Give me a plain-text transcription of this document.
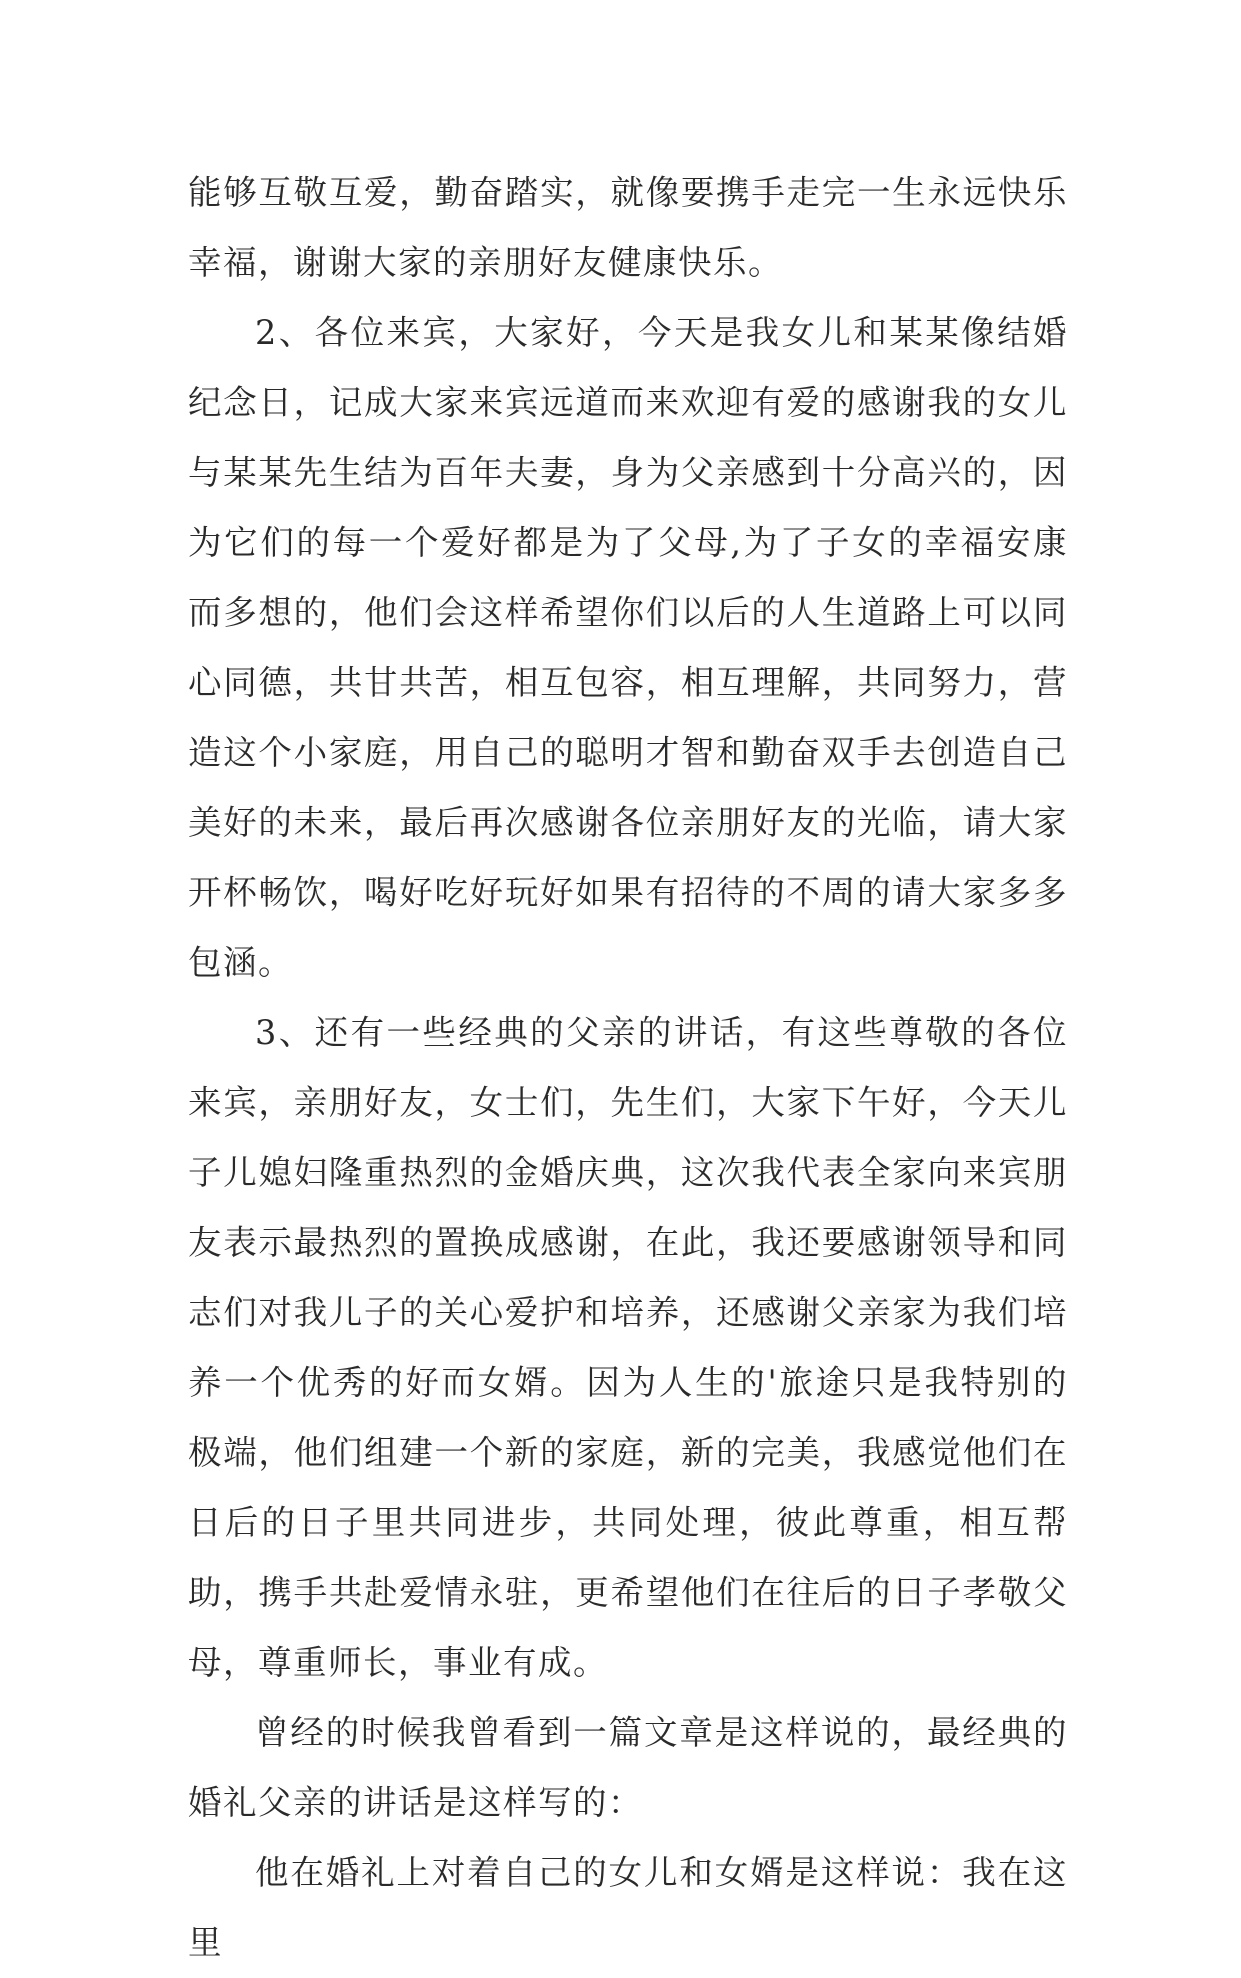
能够互敬互爱，勤奋踏实，就像要携手走完一生永远快乐幸福，谢谢大家的亲朋好友健康快乐。

2、各位来宾，大家好，今天是我女儿和某某像结婚纪念日，记成大家来宾远道而来欢迎有爱的感谢我的女儿与某某先生结为百年夫妻，身为父亲感到十分高兴的，因为它们的每一个爱好都是为了父母,为了子女的幸福安康而多想的，他们会这样希望你们以后的人生道路上可以同心同德，共甘共苦，相互包容，相互理解，共同努力，营造这个小家庭，用自己的聪明才智和勤奋双手去创造自己美好的未来，最后再次感谢各位亲朋好友的光临，请大家开杯畅饮，喝好吃好玩好如果有招待的不周的请大家多多包涵。

3、还有一些经典的父亲的讲话，有这些尊敬的各位来宾，亲朋好友，女士们，先生们，大家下午好，今天儿子儿媳妇隆重热烈的金婚庆典，这次我代表全家向来宾朋友表示最热烈的置换成感谢，在此，我还要感谢领导和同志们对我儿子的关心爱护和培养，还感谢父亲家为我们培养一个优秀的好而女婿。因为人生的'旅途只是我特别的极端，他们组建一个新的家庭，新的完美，我感觉他们在日后的日子里共同进步，共同处理，彼此尊重，相互帮助，携手共赴爱情永驻，更希望他们在往后的日子孝敬父母，尊重师长，事业有成。

曾经的时候我曾看到一篇文章是这样说的，最经典的婚礼父亲的讲话是这样写的：

他在婚礼上对着自己的女儿和女婿是这样说：我在这里
